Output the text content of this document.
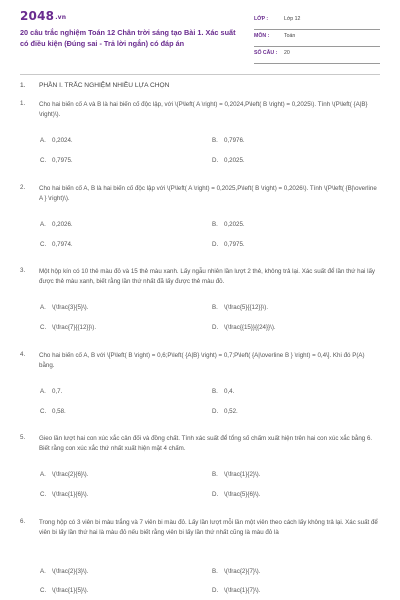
2048.vn
20 câu trắc nghiệm Toán 12 Chân trời sáng tạo Bài 1. Xác suất có điều kiện (Đúng sai - Trả lời ngắn) có đáp án
LỚP :	Lớp 12
MÔN :	Toán
SỐ CÂU : 20
1. PHẦN I. TRẮC NGHIỆM NHIỀU LỰA CHỌN
1. Cho hai biến cố A và B là hai biến cố độc lập, với \(P\left( A \right) = 0,2024,P\left( B \right) = 0,2025\). Tính \(P\left( {A|B} \right)\).
A. 0,2024.	B. 0,7976.
C. 0,7975.	D. 0,2025.
2. Cho hai biến cố A, B là hai biến cố độc lập với \(P\left( A \right) = 0,2025,P\left( B \right) = 0,2026\). Tính \(P\left( {B|\overline A } \right)\).
A. 0,2026.	B. 0,2025.
C. 0,7974.	D. 0,7975.
3. Một hộp kín có 10 thẻ màu đỏ và 15 thẻ màu xanh. Lấy ngẫu nhiên lần lượt 2 thẻ, không trả lại. Xác suất để lần thứ hai lấy được thẻ màu xanh, biết rằng lần thứ nhất đã lấy được thẻ màu đỏ.
A. \(\frac{3}{5}\).	B. \(\frac{5}{{12}}\).
C. \(\frac{7}{{12}}\).	D. \(\frac{{15}}{{24}}\).
4. Cho hai biến cố A, B với \[P\left( B \right) = 0,6;P\left( {A|B} \right) = 0,7;P\left( {A|\overline B } \right) = 0,4\]. Khi đó P(A) bằng.
A. 0,7.	B. 0,4.
C. 0,58.	D. 0,52.
5. Gieo lần lượt hai con xúc xắc cân đối và đồng chất. Tính xác suất để tổng số chấm xuất hiện trên hai con xúc xắc bằng 6. Biết rằng con xúc xắc thứ nhất xuất hiện mặt 4 chấm.
A. \(\frac{2}{6}\).	B. \(\frac{1}{2}\).
C. \(\frac{1}{6}\).	D. \(\frac{5}{6}\).
6. Trong hộp có 3 viên bi màu trắng và 7 viên bi màu đỏ. Lấy lần lượt mỗi lần một viên theo cách lấy không trả lại. Xác suất để viên bi lấy lần thứ hai là màu đỏ nếu biết rằng viên bi lấy lần thứ nhất cũng là màu đỏ là
A. \(\frac{2}{3}\).	B. \(\frac{2}{7}\).
C. \(\frac{1}{5}\).	D. \(\frac{1}{7}\).
